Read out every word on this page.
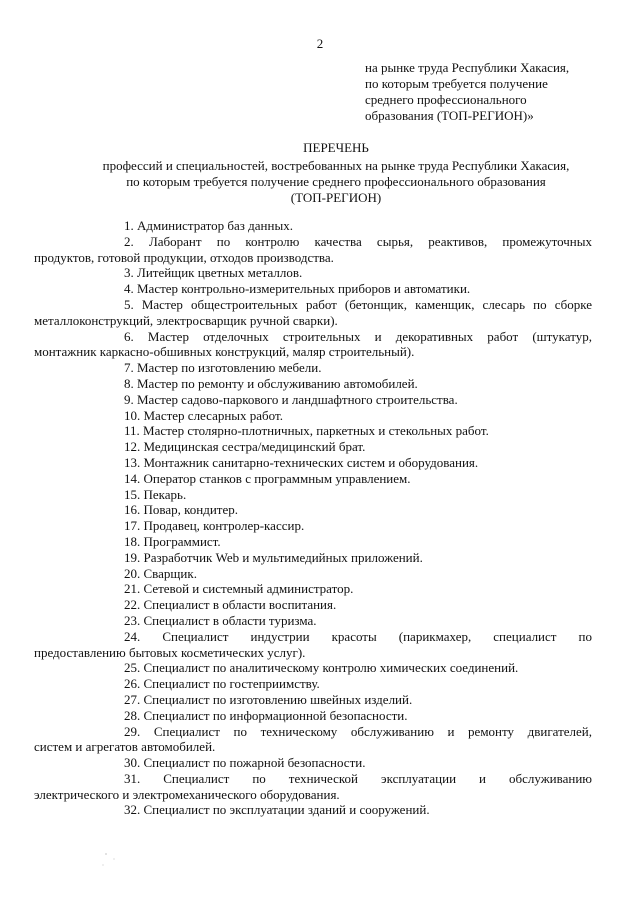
2
на рынке труда Республики Хакасия,
по которым требуется получение
среднего профессионального
образования (ТОП-РЕГИОН)»
ПЕРЕЧЕНЬ
профессий и специальностей, востребованных на рынке труда Республики Хакасия,
по которым требуется получение среднего профессионального образования
(ТОП-РЕГИОН)
1. Администратор баз данных.
2. Лаборант по контролю качества сырья, реактивов, промежуточных
продуктов, готовой продукции, отходов производства.
3. Литейщик цветных металлов.
4. Мастер контрольно-измерительных приборов и автоматики.
5. Мастер общестроительных работ (бетонщик, каменщик, слесарь по сборке
металлоконструкций, электросварщик ручной сварки).
6. Мастер отделочных строительных и декоративных работ (штукатур,
монтажник каркасно-обшивных конструкций, маляр строительный).
7. Мастер по изготовлению мебели.
8. Мастер по ремонту и обслуживанию автомобилей.
9. Мастер садово-паркового и ландшафтного строительства.
10. Мастер слесарных работ.
11. Мастер столярно-плотничных, паркетных и стекольных работ.
12. Медицинская сестра/медицинский брат.
13. Монтажник санитарно-технических систем и оборудования.
14. Оператор станков с программным управлением.
15. Пекарь.
16. Повар, кондитер.
17. Продавец, контролер-кассир.
18. Программист.
19. Разработчик Web и мультимедийных приложений.
20. Сварщик.
21. Сетевой и системный администратор.
22. Специалист в области воспитания.
23. Специалист в области туризма.
24. Специалист индустрии красоты (парикмахер, специалист по
предоставлению бытовых косметических услуг).
25. Специалист по аналитическому контролю химических соединений.
26. Специалист по гостеприимству.
27. Специалист по изготовлению швейных изделий.
28. Специалист по информационной безопасности.
29. Специалист по техническому обслуживанию и ремонту двигателей,
систем и агрегатов автомобилей.
30. Специалист по пожарной безопасности.
31. Специалист по технической эксплуатации и обслуживанию
электрического и электромеханического оборудования.
32. Специалист по эксплуатации зданий и сооружений.
